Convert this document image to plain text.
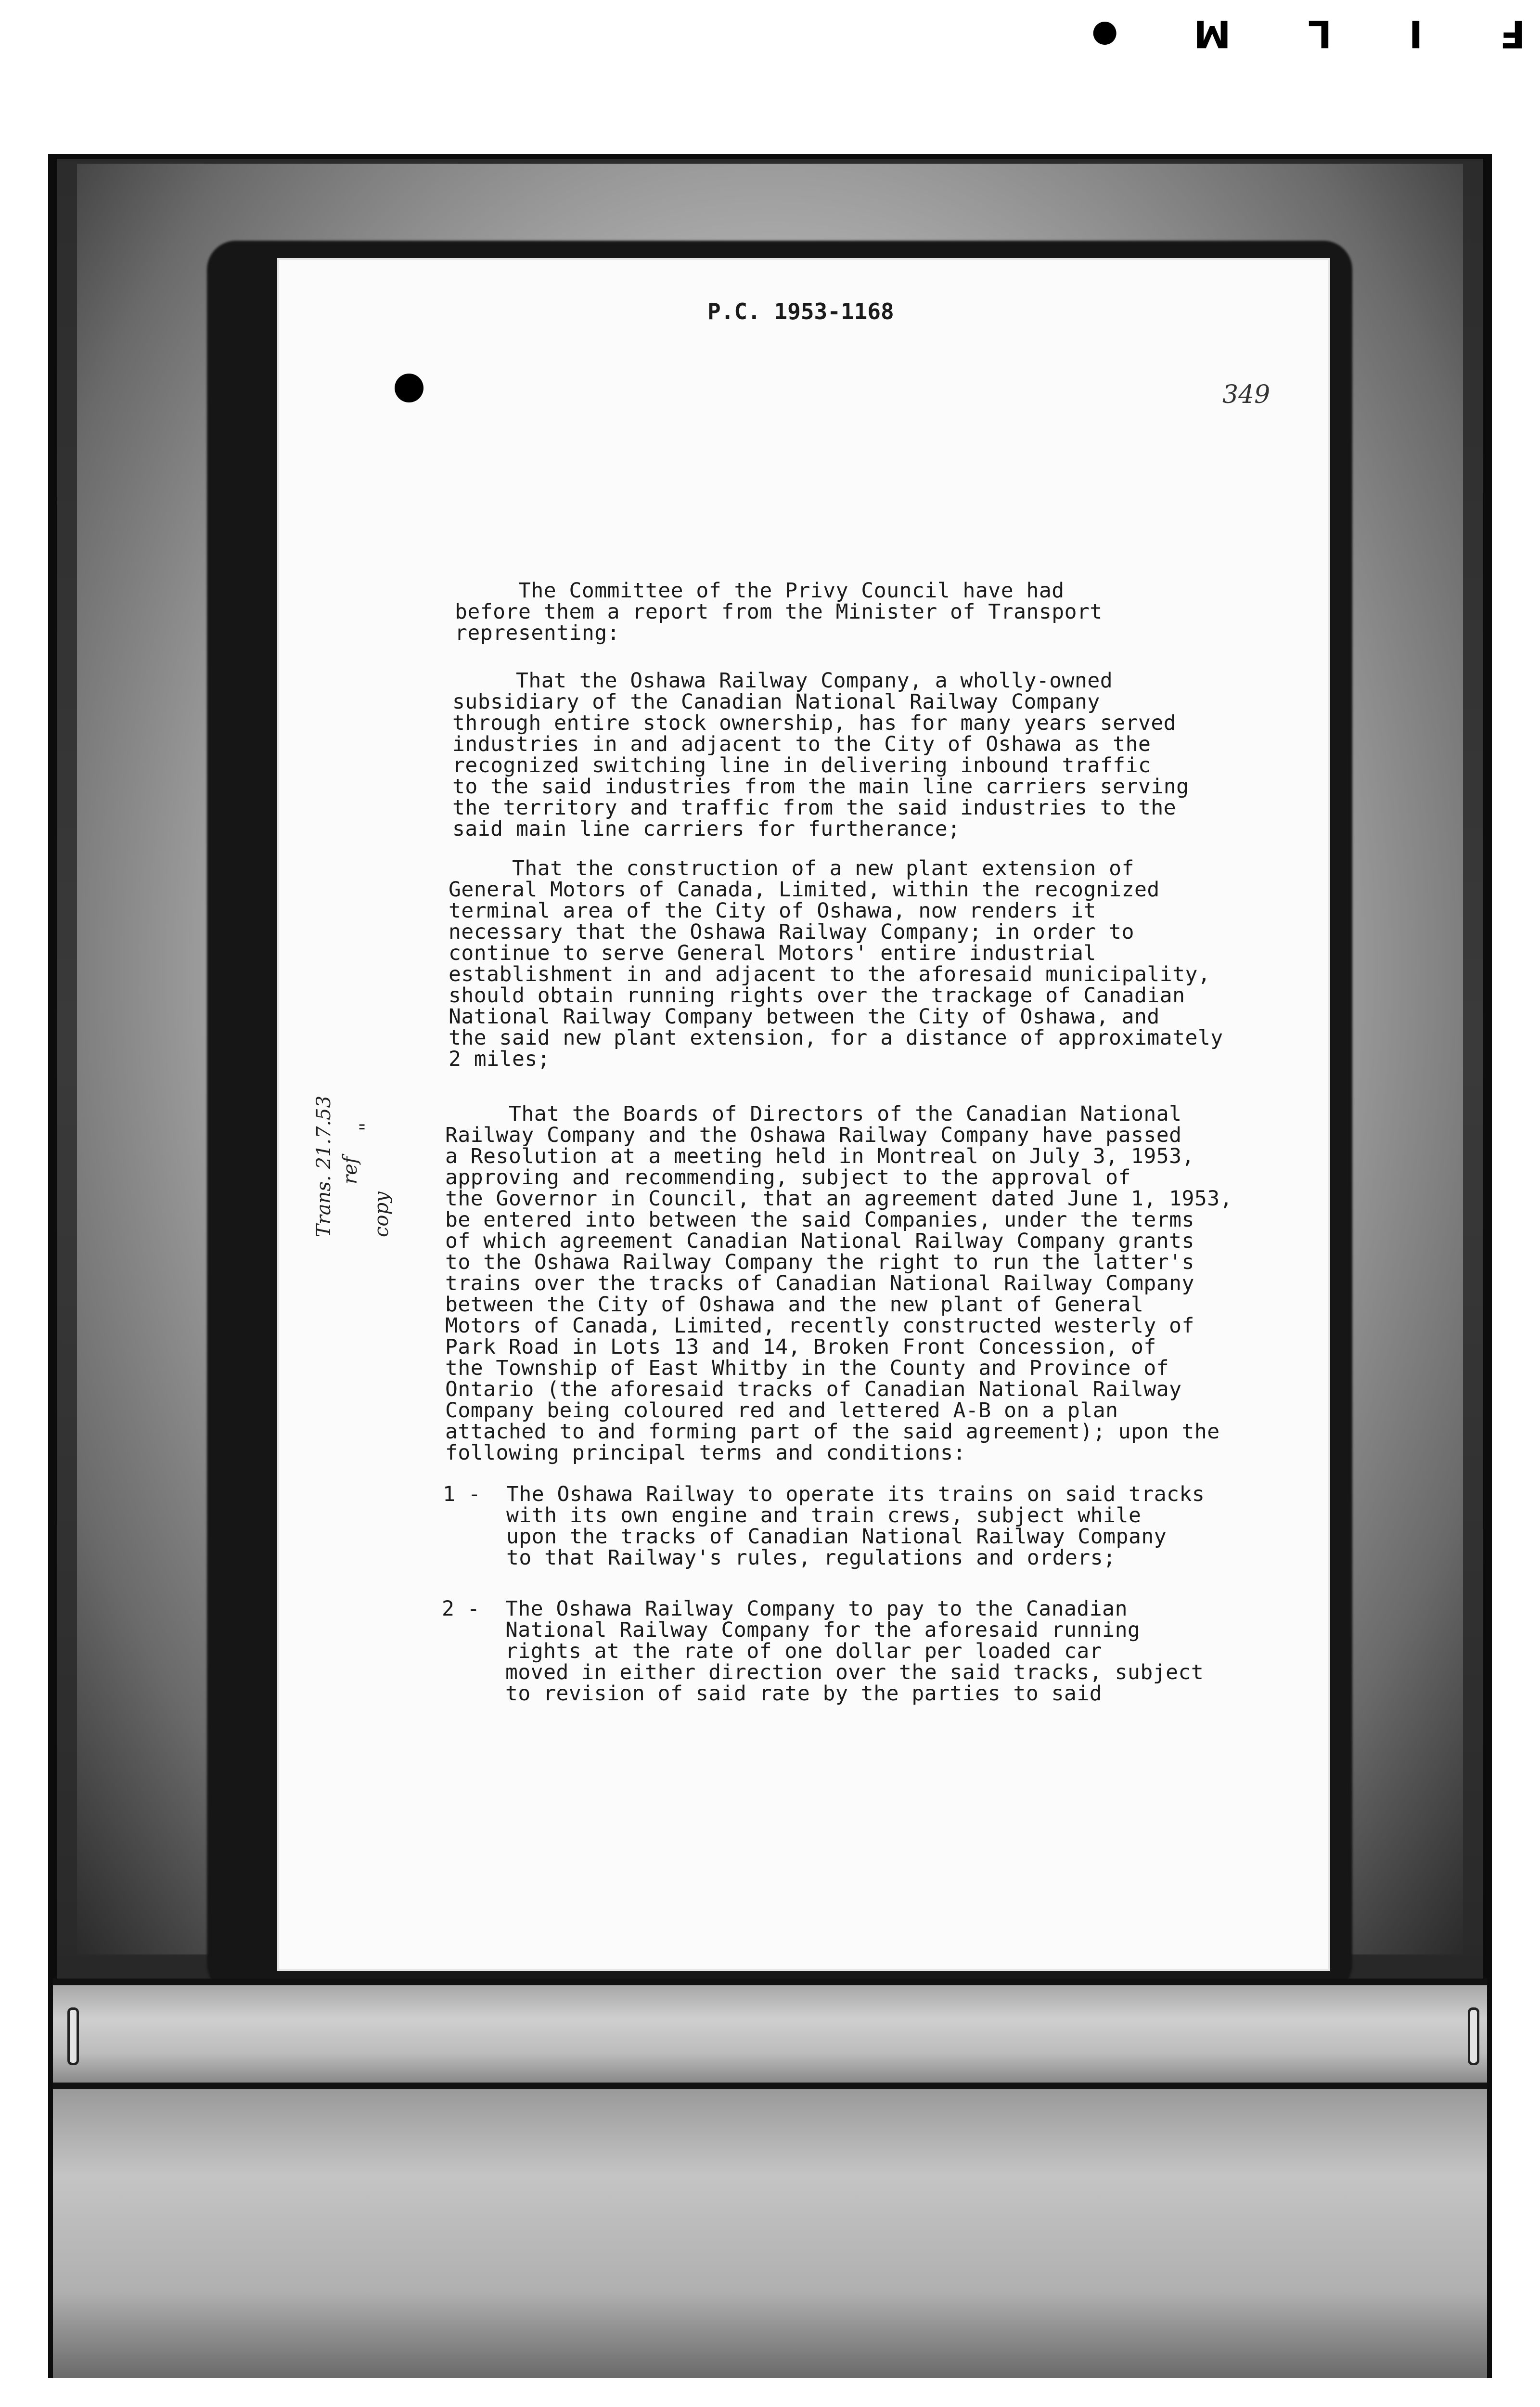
F
I
L
M
P.C. 1953-1168
349
The Committee of the Privy Council have had
before them a report from the Minister of Transport
representing:
That the Oshawa Railway Company, a wholly-owned
subsidiary of the Canadian National Railway Company
through entire stock ownership, has for many years served
industries in and adjacent to the City of Oshawa as the
recognized switching line in delivering inbound traffic
to the said industries from the main line carriers serving
the territory and traffic from the said industries to the
said main line carriers for furtherance;
That the construction of a new plant extension of
General Motors of Canada, Limited, within the recognized
terminal area of the City of Oshawa, now renders it
necessary that the Oshawa Railway Company; in order to
continue to serve General Motors' entire industrial
establishment in and adjacent to the aforesaid municipality,
should obtain running rights over the trackage of Canadian
National Railway Company between the City of Oshawa, and
the said new plant extension, for a distance of approximately
2 miles;
That the Boards of Directors of the Canadian National
Railway Company and the Oshawa Railway Company have passed
a Resolution at a meeting held in Montreal on July 3, 1953,
approving and recommending, subject to the approval of
the Governor in Council, that an agreement dated June 1, 1953,
be entered into between the said Companies, under the terms
of which agreement Canadian National Railway Company grants
to the Oshawa Railway Company the right to run the latter's
trains over the tracks of Canadian National Railway Company
between the City of Oshawa and the new plant of General
Motors of Canada, Limited, recently constructed westerly of
Park Road in Lots 13 and 14, Broken Front Concession, of
the Township of East Whitby in the County and Province of
Ontario (the aforesaid tracks of Canadian National Railway
Company being coloured red and lettered A-B on a plan
attached to and forming part of the said agreement); upon the
following principal terms and conditions:
1 -  The Oshawa Railway to operate its trains on said tracks
with its own engine and train crews, subject while
upon the tracks of Canadian National Railway Company
to that Railway's rules, regulations and orders;
2 -  The Oshawa Railway Company to pay to the Canadian
National Railway Company for the aforesaid running
rights at the rate of one dollar per loaded car
moved in either direction over the said tracks, subject
to revision of said rate by the parties to said
Trans. 21.7.53 ref
"
copy
